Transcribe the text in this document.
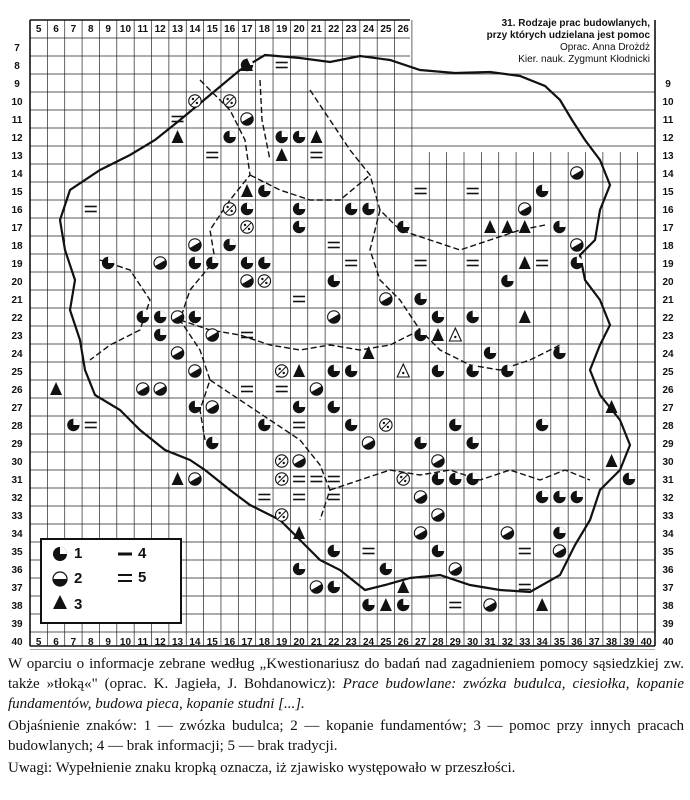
5 6 7 8 9 10 11 12 13 14 15 16 17 18 19 20 21 22 23 24 25 26
5 6 7 8 9 10 11 12 13 14 15 16 17 18 19 20 21 22 23 24 25 26 27 28 29 30 31 32 33 34 35 36 37 38 39 40
7
8
9
10
11
12
13
14
15
16
17
18
19
20
21
22
23
24
25
26
27
28
29
30
31
32
33
34
35
36
37
38
39
40
9
10
11
12
13
14
15
16
17
18
19
20
21
22
23
24
25
26
27
28
29
30
31
32
33
34
35
36
37
38
39
40
31. Rodzaje prac budowlanych,
przy których udzielana jest pomoc
Oprac. Anna Drożdż
Kier. nauk. Zygmunt Kłodnicki
1
2
3
4
5

W oparciu o informacje zebrane według „Kwestionariusz do badań nad zagadnieniem pomocy sąsiedzkiej zw. także »tłoką«" (oprac. K. Jagieła, J. Bohdanowicz): Prace budowlane: zwózka budulca, ciesiołka, kopanie fundamentów, budowa pieca, kopanie studni [...].

Objaśnienie znaków: 1 — zwózka budulca; 2 — kopanie fundamentów; 3 — pomoc przy innych pracach budowlanych; 4 — brak informacji; 5 — brak tradycji.

Uwagi: Wypełnienie znaku kropką oznacza, iż zjawisko występowało w przeszłości.
